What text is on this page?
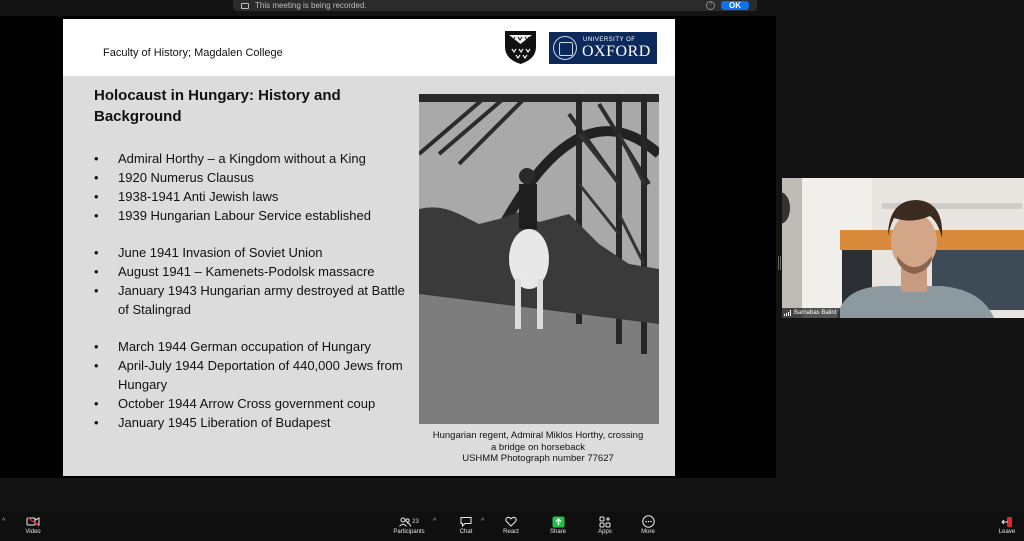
This meeting is being recorded.	?	OK
Faculty of History; Magdalen College
UNIVERSITY OF
OXFORD
Holocaust in Hungary: History and
Background
• Admiral Horthy – a Kingdom without a King
• 1920 Numerus Clausus
• 1938-1941 Anti Jewish laws
• 1939 Hungarian Labour Service established
• June 1941 Invasion of Soviet Union
• August 1941 – Kamenets-Podolsk massacre
• January 1943 Hungarian army destroyed at Battle of Stalingrad
• March 1944 German occupation of Hungary
• April-July 1944 Deportation of 440,000 Jews from Hungary
• October 1944 Arrow Cross government coup
• January 1945 Liberation of Budapest
Hungarian regent, Admiral Miklos Horthy, crossing
a bridge on horseback
USHMM Photograph number 77627
Barnabas Balint
^
Video
23
Participants
^
Chat
^
React	Share	Apps	More	Leave
